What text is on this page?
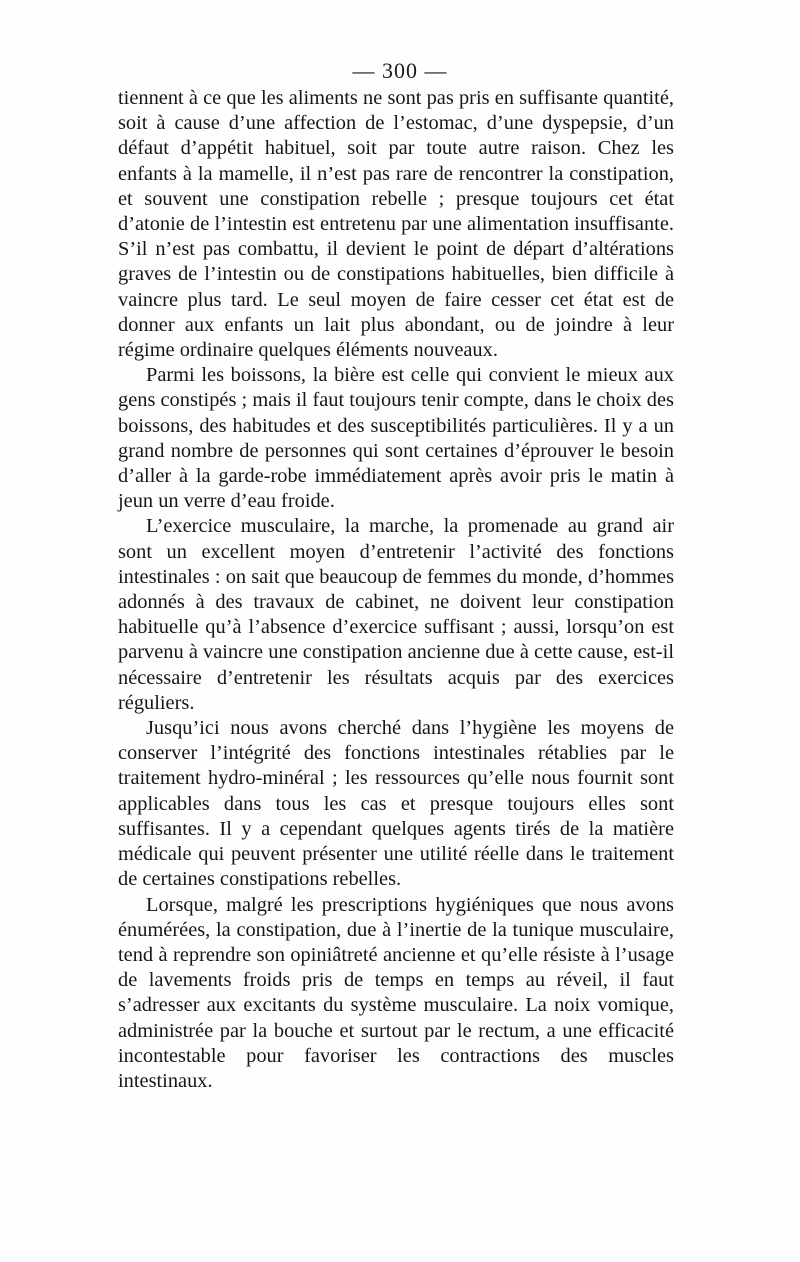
— 300 —

tiennent à ce que les aliments ne sont pas pris en suffisante quantité, soit à cause d’une affection de l’estomac, d’une dyspepsie, d’un défaut d’appétit habituel, soit par toute autre raison. Chez les enfants à la mamelle, il n’est pas rare de rencontrer la constipation, et souvent une constipation rebelle ; presque toujours cet état d’atonie de l’intestin est entretenu par une alimentation insuffisante. S’il n’est pas combattu, il devient le point de départ d’altérations graves de l’intestin ou de constipations habituelles, bien difficile à vaincre plus tard. Le seul moyen de faire cesser cet état est de donner aux enfants un lait plus abondant, ou de joindre à leur régime ordinaire quelques éléments nouveaux.

Parmi les boissons, la bière est celle qui convient le mieux aux gens constipés ; mais il faut toujours tenir compte, dans le choix des boissons, des habitudes et des susceptibilités particulières. Il y a un grand nombre de personnes qui sont certaines d’éprouver le besoin d’aller à la garde-robe immédiatement après avoir pris le matin à jeun un verre d’eau froide.

L’exercice musculaire, la marche, la promenade au grand air sont un excellent moyen d’entretenir l’activité des fonctions intestinales : on sait que beaucoup de femmes du monde, d’hommes adonnés à des travaux de cabinet, ne doivent leur constipation habituelle qu’à l’absence d’exercice suffisant ; aussi, lorsqu’on est parvenu à vaincre une constipation ancienne due à cette cause, est-il nécessaire d’entretenir les résultats acquis par des exercices réguliers.

Jusqu’ici nous avons cherché dans l’hygiène les moyens de conserver l’intégrité des fonctions intestinales rétablies par le traitement hydro-minéral ; les ressources qu’elle nous fournit sont applicables dans tous les cas et presque toujours elles sont suffisantes. Il y a cependant quelques agents tirés de la matière médicale qui peuvent présenter une utilité réelle dans le traitement de certaines constipations rebelles.

Lorsque, malgré les prescriptions hygiéniques que nous avons énumérées, la constipation, due à l’inertie de la tunique musculaire, tend à reprendre son opiniâtreté ancienne et qu’elle résiste à l’usage de lavements froids pris de temps en temps au réveil, il faut s’adresser aux excitants du système musculaire. La noix vomique, administrée par la bouche et surtout par le rectum, a une efficacité incontestable pour favoriser les contractions des muscles intestinaux.
